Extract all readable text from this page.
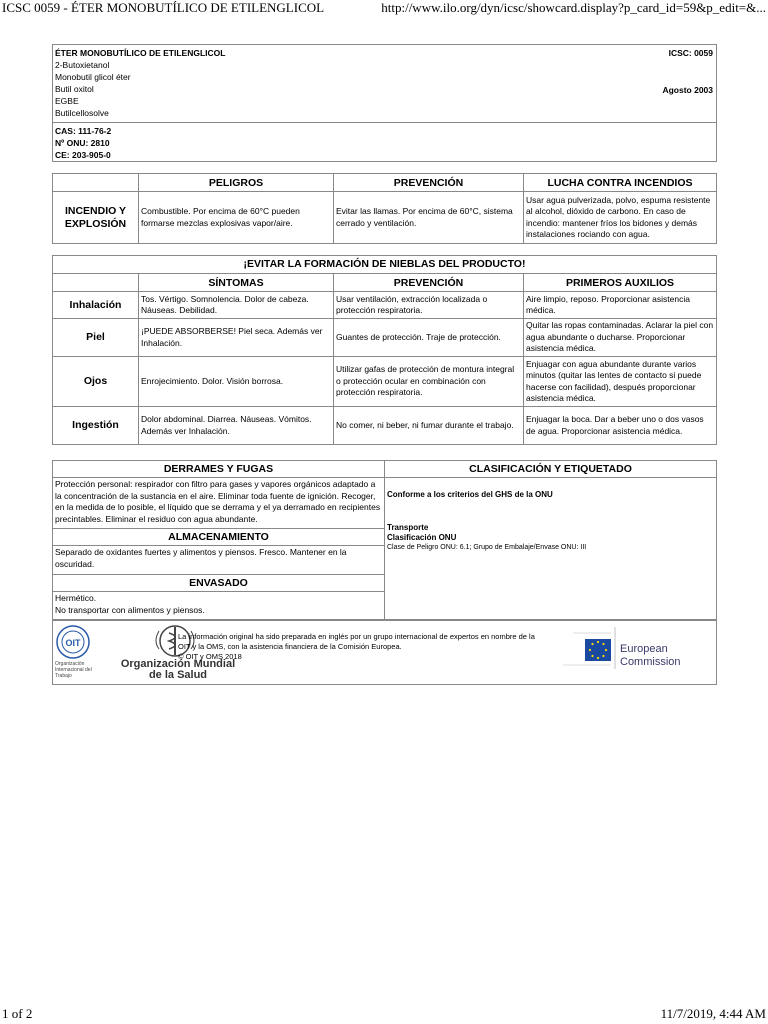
ICSC 0059 - ÉTER MONOBUTÍLICO DE ETILENGLICOL	http://www.ilo.org/dyn/icsc/showcard.display?p_card_id=59&p_edit=&...
ÉTER MONOBUTÍLICO DE ETILENGLICOL
2-Butoxietanol
Monobutil glicol éter
Butil oxitol
EGBE
Butilcellosolve
ICSC: 0059
Agosto 2003
CAS: 111-76-2
Nº ONU: 2810
CE: 203-905-0
	PELIGROS	PREVENCIÓN	LUCHA CONTRA INCENDIOS
INCENDIO Y EXPLOSIÓN	Combustible. Por encima de 60°C pueden formarse mezclas explosivas vapor/aire.	Evitar las llamas. Por encima de 60°C, sistema cerrado y ventilación.	Usar agua pulverizada, polvo, espuma resistente al alcohol, dióxido de carbono. En caso de incendio: mantener fríos los bidones y demás instalaciones rociando con agua.
¡EVITAR LA FORMACIÓN DE NIEBLAS DEL PRODUCTO!			
	SÍNTOMAS	PREVENCIÓN	PRIMEROS AUXILIOS
Inhalación	Tos. Vértigo. Somnolencia. Dolor de cabeza. Náuseas. Debilidad.	Usar ventilación, extracción localizada o protección respiratoria.	Aire limpio, reposo. Proporcionar asistencia médica.
Piel	¡PUEDE ABSORBERSE! Piel seca. Además ver Inhalación.	Guantes de protección. Traje de protección.	Quitar las ropas contaminadas. Aclarar la piel con agua abundante o ducharse. Proporcionar asistencia médica.
Ojos	Enrojecimiento. Dolor. Visión borrosa.	Utilizar gafas de protección de montura integral o protección ocular en combinación con protección respiratoria.	Enjuagar con agua abundante durante varios minutos (quitar las lentes de contacto si puede hacerse con facilidad), después proporcionar asistencia médica.
Ingestión	Dolor abdominal. Diarrea. Náuseas. Vómitos. Además ver Inhalación.	No comer, ni beber, ni fumar durante el trabajo.	Enjuagar la boca. Dar a beber uno o dos vasos de agua. Proporcionar asistencia médica.
DERRAMES Y FUGAS
Protección personal: respirador con filtro para gases y vapores orgánicos adaptado a la concentración de la sustancia en el aire. Eliminar toda fuente de ignición. Recoger, en la medida de lo posible, el líquido que se derrama y el ya derramado en recipientes precintables. Eliminar el residuo con agua abundante.
ALMACENAMIENTO
Separado de oxidantes fuertes y alimentos y piensos. Fresco. Mantener en la oscuridad.
ENVASADO
Hermético.
No transportar con alimentos y piensos.
CLASIFICACIÓN Y ETIQUETADO
Conforme a los criterios del GHS de la ONU
Transporte
Clasificación ONU
Clase de Peligro ONU: 6.1; Grupo de Embalaje/Envase ONU: III
OIT
Organización Internacional del Trabajo
Organización Mundial de la Salud
La información original ha sido preparada en inglés por un grupo internacional de expertos en nombre de la OIT y la OMS, con la asistencia financiera de la Comisión Europea.
© OIT y OMS 2018
European
Commission
1 of 2	11/7/2019, 4:44 AM
